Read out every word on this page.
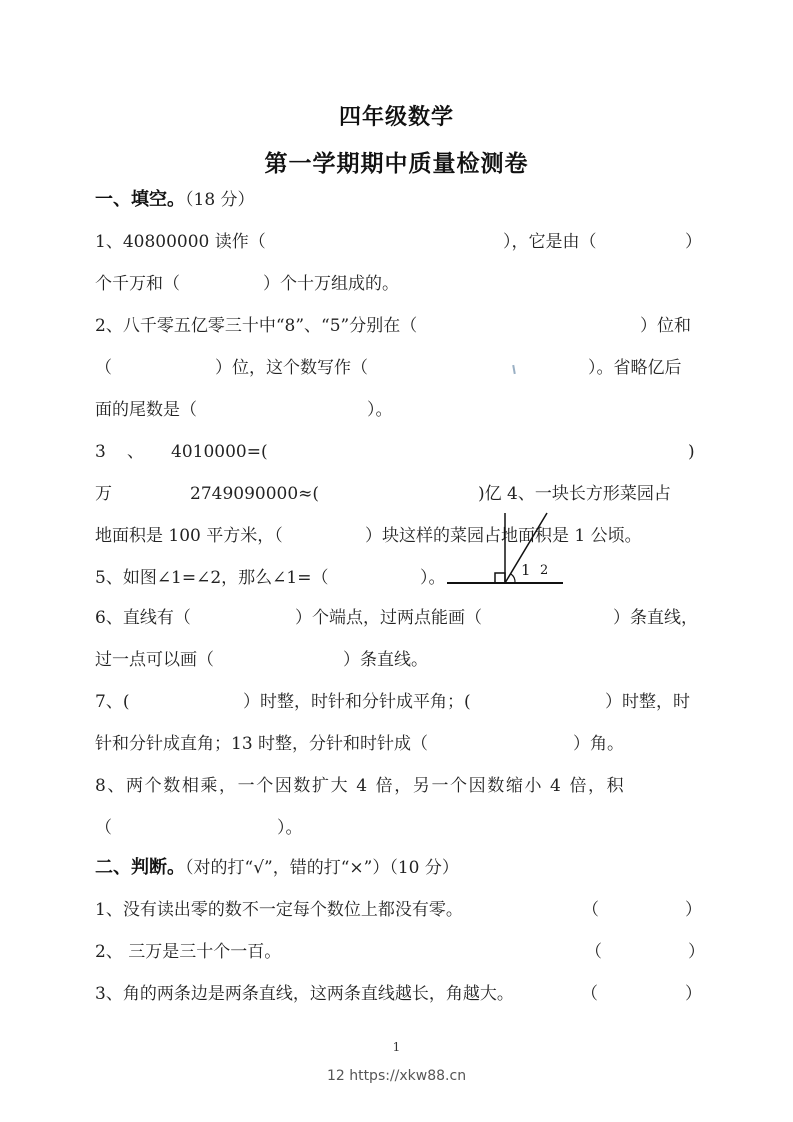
四年级数学
第一学期期中质量检测卷
一、填空。（18 分）
1、40800000 读作（	），它是由（	）
个千万和（	）个十万组成的。
2、八千零五亿零三十中“8”、“5”分别在（	）位和
（	）位，这个数写作（	）。省略亿后
面的尾数是（	）。
3 、 4010000=(	)
万	2749090000≈(	)亿 4、一块长方形菜园占
地面积是 100 平方米，（	）块这样的菜园占地面积是 1 公顷。
5、如图∠1=∠2，那么∠1=（	）。	1 2
6、直线有（	）个端点，过两点能画（	）条直线，
过一点可以画（	）条直线。
7、(	）时整，时针和分针成平角；(	）时整，时
针和分针成直角；13 时整，分针和时针成（	）角。
8、两个数相乘，一个因数扩大 4 倍，另一个因数缩小 4 倍，积
（	）。
二、判断。（对的打“√”，错的打“×”）（10 分）
1、没有读出零的数不一定每个数位上都没有零。	（	）
2、 三万是三十个一百。	（	）
3、角的两条边是两条直线，这两条直线越长，角越大。	（	）
1
12 https://xkw88.cn
